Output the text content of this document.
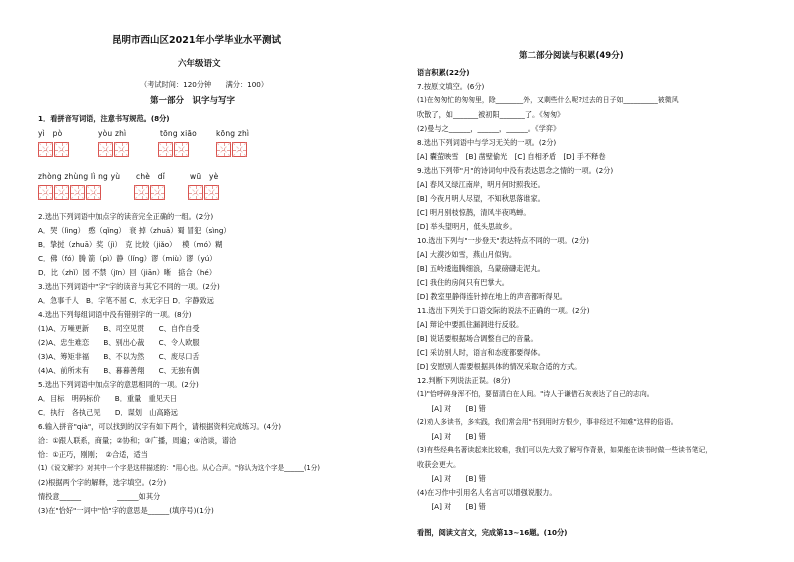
昆明市西山区2021年小学毕业水平测试
六年级语文
（考试时间：120分钟　　满分：100）
第一部分　识字与写字
1．看拼音写词语，注意书写规范。(8分)
yì　pò	yòu zhì	tōng xiāo	kōng zhì
zhòng zhùng lì ng yù chè　dǐ	wū　yè
2.选出下列词语中加点字的读音完全正确的一组。(2分)
A．哭（lìng）　憨（qǐng）　衰 掉（zhuā）蜀 冒犯（sìng）
B．挚挝（zhuā）奖（jì）　克 比较（jiǎo）　 模（mó）糊
C．佛（fó）腾 箭（pì）静（lǐng）谬（miù）谬（yú）
D．比（zhǐ）园 不禁（jīn）回（jiān）晰　掂合（hé）
3.选出下列词语中"字"字的读音与其它不同的一项。(2分)
A．急事千人　B．字笔不屈 C．水无字日 D．字静致远
4.选出下列每组词语中没有错别字的一项。(8分)
(1)A、万噪更新　　B、司空见贯　　C、自作自受
(2)A、忠生难恋　　B、别出心裁　　C、令人欧服
(3)A、筹矩非福　　B、不以为然　　C、废尽口舌
(4)A、前所未有　　B、暮暮善翔　　C、无独有偶
5.选出下列词语中加点字的意思相同的一项。(2分)
A．目标　明码标价　　B．重量　重见天日
C．执行　各执己见　　D．谋划　山高路远
6.输入拼音"qià"，可以找到的汉字有如下两个，请根据资料完成练习。(4分)
洽：①跟人联系，商量；②协和；③广播，周遍；④洽谈，谱洽
恰：①正巧，刚刚；　②合适，适当
(1)《说文解字》对其中一个字是这样描述的："用心也。从心合声。"你认为这个字是______(1分)
(2)根据两个字的解释，选字填空。(2分)
情投意______　　　　　______如其分
(3)在"恰好"一词中"恰"字的意思是______(填序号)(1分)
第二部分阅读与积累(49分)
语言积累(22分)
7.按原文填空。(6分)
(1)在匆匆忙的匆匆里，除________外，又剩些什么呢?过去的日子如__________被微风
吹散了，如_______被初阳_______了。《匆匆》
(2)曼与之______，______，______。《学弈》
8.选出下列词语中与学习无关的一项。(2分)
[A] 囊萤映雪　[B] 凿壁偷光　[C] 自相矛盾　[D] 手不释卷
9.选出下列带"月"的诗词句中没有表达思念之情的一项。(2分)
[A] 春风又绿江南岸，明月何时照我还。
[B] 今夜月明人尽望，不知秋思落谁家。
[C] 明月别枝惊鹊，清风半夜鸣蝉。
[D] 举头望明月，低头思故乡。
10.选出下列与"一步登天"表达特点不同的一项。(2分)
[A] 大漠沙如雪，燕山月似钩。
[B] 五岭逶迤腾细浪，乌蒙磅礴走泥丸。
[C] 我住的房间只有巴掌大。
[D] 教室里静得连针掉在地上的声音都听得见。
11.选出下列关于口语交际的说法不正确的一项。(2分)
[A] 辩论中要抓住漏洞进行反驳。
[B] 说话要根据场合调整自己的音量。
[C] 采访别人时，语言和态度都要得体。
[D] 安慰别人需要根据具体的情况采取合适的方式。
12.判断下列说法正误。(8分)
(1)"恰呼碎身浑不怕，要留清白在人间。"诗人于谦借石灰表达了自己的志向。
　　[A] 对　　[B] 错
(2)劝人多读书，多实践，我们常会用"书到用时方恨少，事非经过不知难"这样的俗语。
　　[A] 对　　[B] 错
(3)有些经典名著读起来比较难，我们可以先大致了解写作背景，如果能在读书时做一些读书笔记，
收获会更大。
　　[A] 对　　[B] 错
(4)在习作中引用名人名言可以增强说服力。
　　[A] 对　　[B] 错
看图，阅读文言文，完成第13~16题。(10分)
